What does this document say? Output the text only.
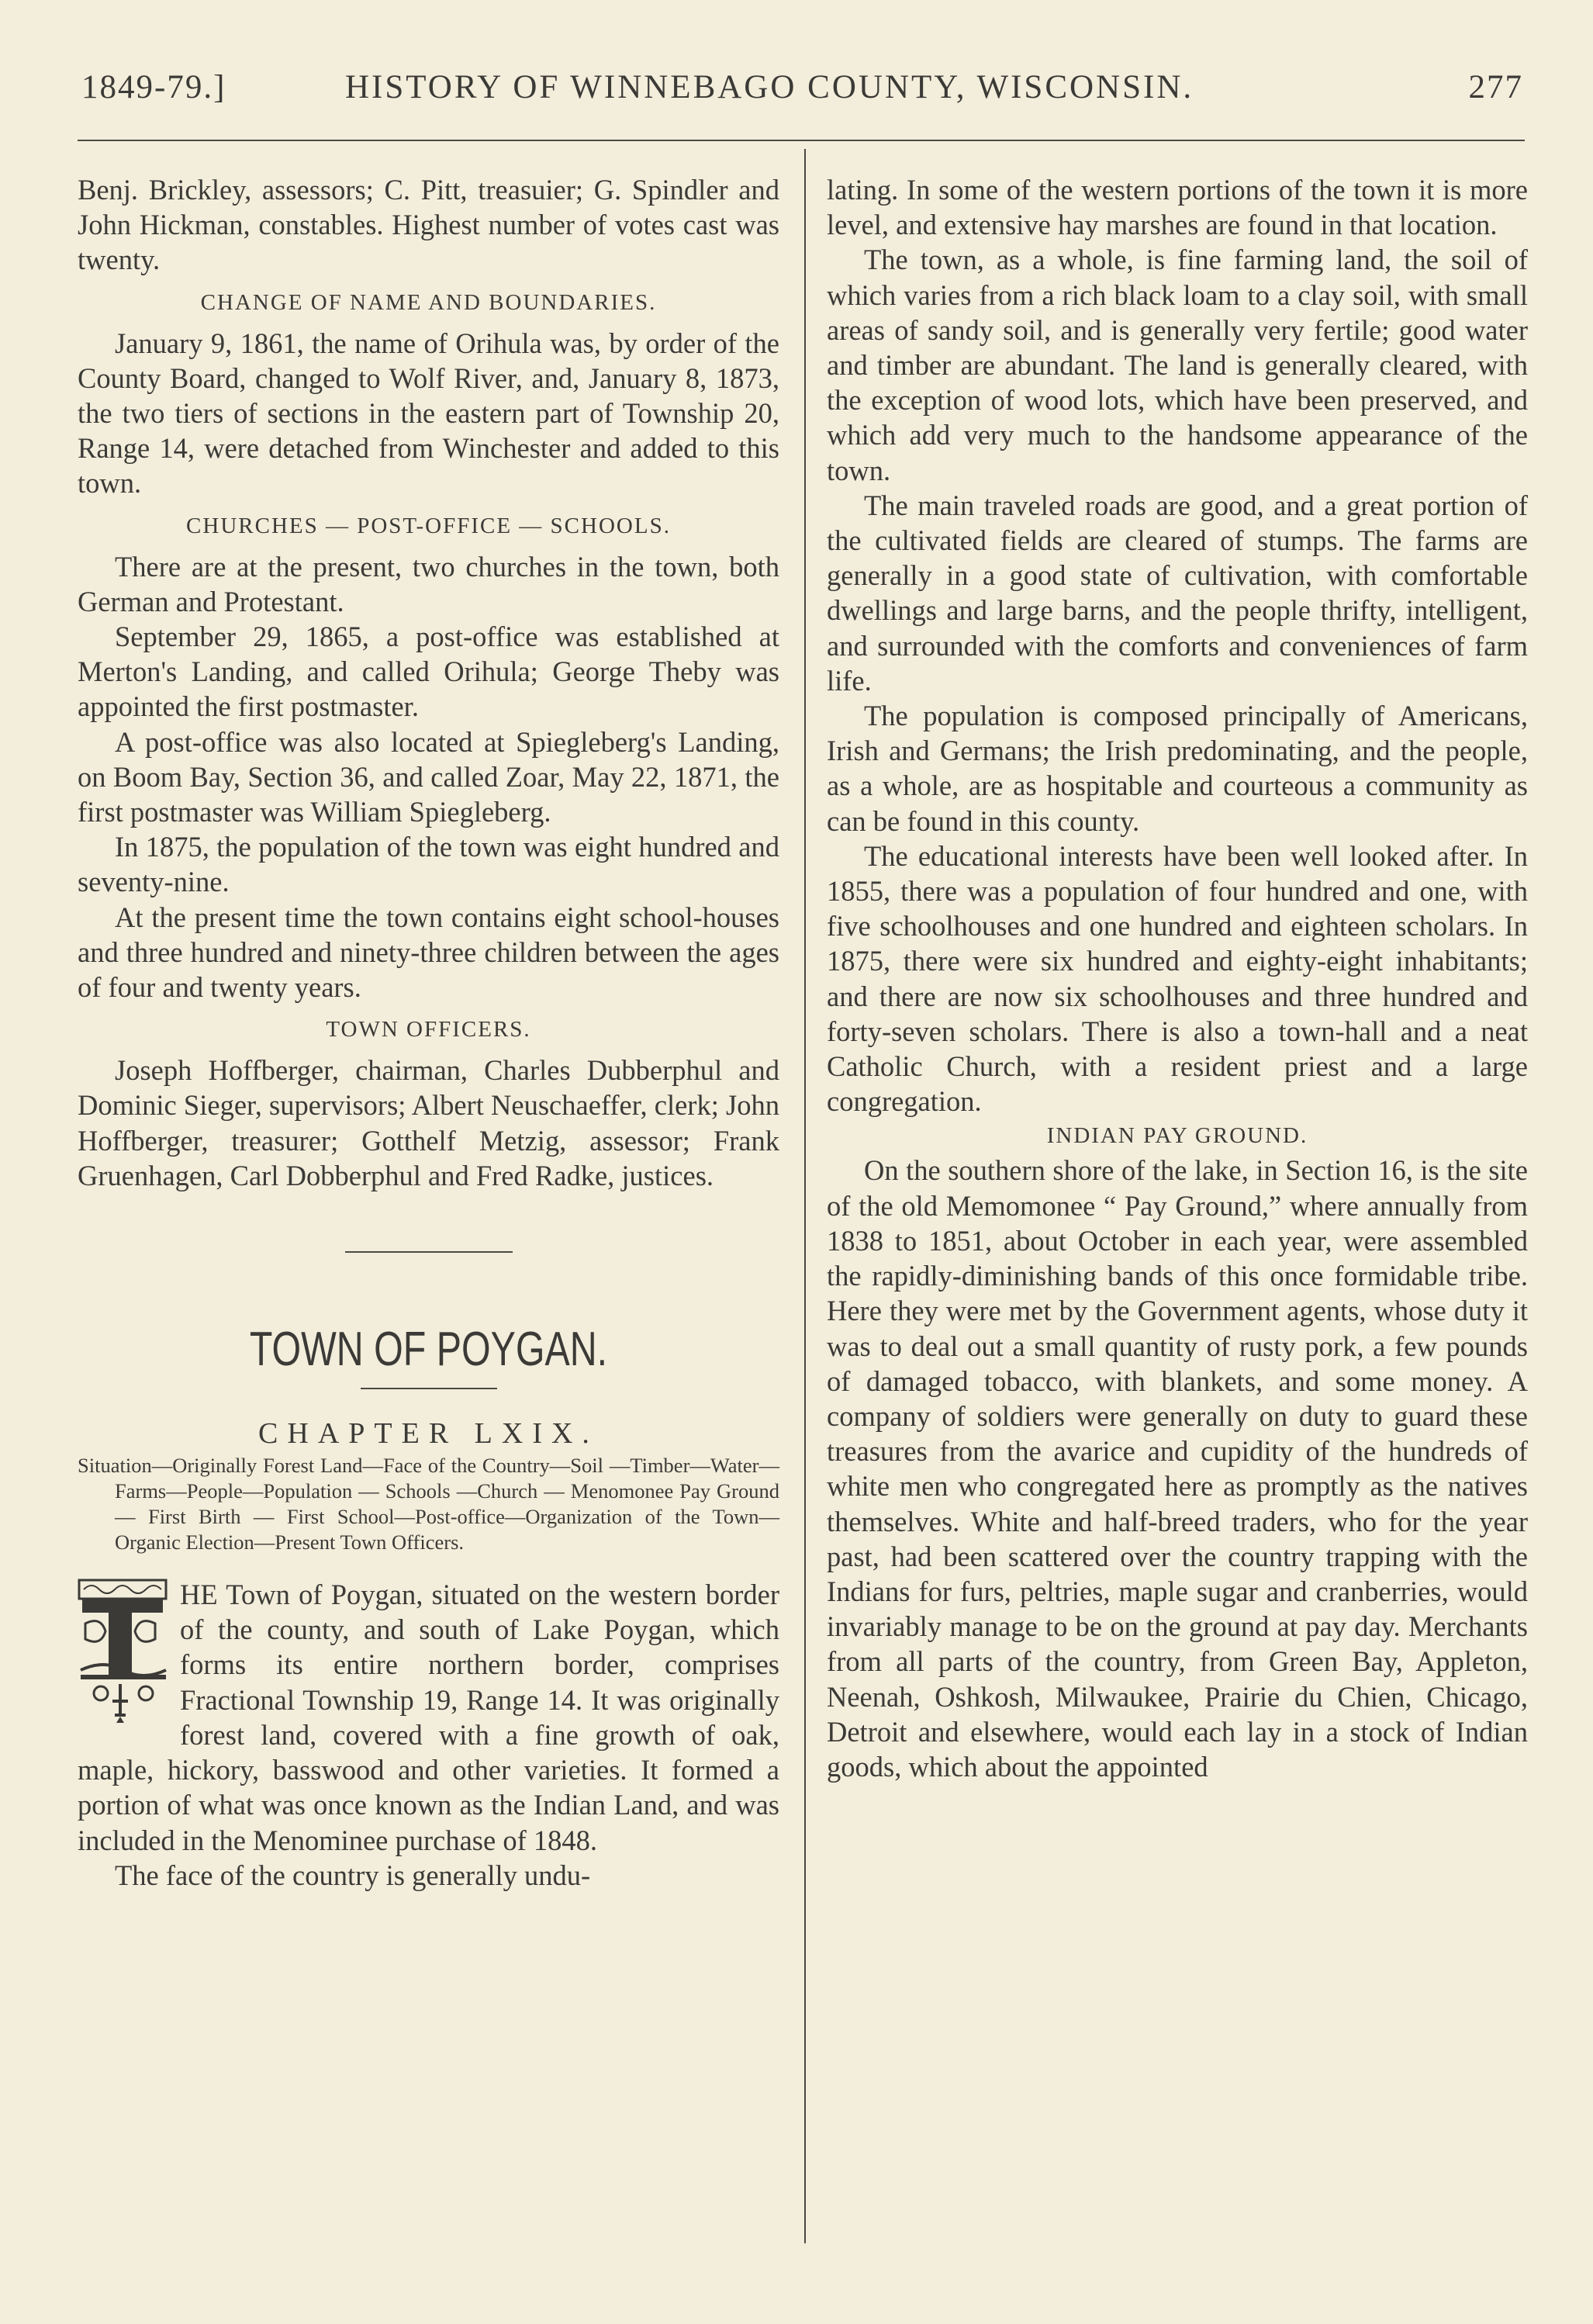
1849-79.]	HISTORY OF WINNEBAGO COUNTY, WISCONSIN.	277

Benj. Brickley, assessors; C. Pitt, treasuier; G. Spindler and John Hickman, constables. Highest number of votes cast was twenty.

CHANGE OF NAME AND BOUNDARIES.

January 9, 1861, the name of Orihula was, by order of the County Board, changed to Wolf River, and, January 8, 1873, the two tiers of sections in the eastern part of Township 20, Range 14, were detached from Winchester and added to this town.

CHURCHES — POST-OFFICE — SCHOOLS.

There are at the present, two churches in the town, both German and Protestant.

September 29, 1865, a post-office was established at Merton's Landing, and called Orihula; George Theby was appointed the first postmaster.

A post-office was also located at Spiegleberg's Landing, on Boom Bay, Section 36, and called Zoar, May 22, 1871, the first postmaster was William Spiegleberg.

In 1875, the population of the town was eight hundred and seventy-nine.

At the present time the town contains eight school-houses and three hundred and ninety-three children between the ages of four and twenty years.

TOWN OFFICERS.

Joseph Hoffberger, chairman, Charles Dubberphul and Dominic Sieger, supervisors; Albert Neuschaeffer, clerk; John Hoffberger, treasurer; Gotthelf Metzig, assessor; Frank Gruenhagen, Carl Dobberphul and Fred Radke, justices.

TOWN OF POYGAN.
CHAPTER LXIX.

Situation—Originally Forest Land—Face of the Country—Soil —Timber—Water—Farms—People—Population — Schools —Church — Menomonee Pay Ground— First Birth — First School—Post-office—Organization of the Town—Organic Election—Present Town Officers.

HE Town of Poygan, situated on the western border of the county, and south of Lake Poygan, which forms its entire northern border, comprises Fractional Township 19, Range 14. It was originally forest land, covered with a fine growth of oak, maple, hickory, basswood and other varieties. It formed a portion of what was once known as the Indian Land, and was included in the Menominee purchase of 1848.

The face of the country is generally undu-

lating. In some of the western portions of the town it is more level, and extensive hay marshes are found in that location.

The town, as a whole, is fine farming land, the soil of which varies from a rich black loam to a clay soil, with small areas of sandy soil, and is generally very fertile; good water and timber are abundant. The land is generally cleared, with the exception of wood lots, which have been preserved, and which add very much to the handsome appearance of the town.

The main traveled roads are good, and a great portion of the cultivated fields are cleared of stumps. The farms are generally in a good state of cultivation, with comfortable dwellings and large barns, and the people thrifty, intelligent, and surrounded with the comforts and conveniences of farm life.

The population is composed principally of Americans, Irish and Germans; the Irish predominating, and the people, as a whole, are as hospitable and courteous a community as can be found in this county.

The educational interests have been well looked after. In 1855, there was a population of four hundred and one, with five schoolhouses and one hundred and eighteen scholars. In 1875, there were six hundred and eighty-eight inhabitants; and there are now six schoolhouses and three hundred and forty-seven scholars. There is also a town-hall and a neat Catholic Church, with a resident priest and a large congregation.

INDIAN PAY GROUND.

On the southern shore of the lake, in Section 16, is the site of the old Memomonee “ Pay Ground,” where annually from 1838 to 1851, about October in each year, were assembled the rapidly-diminishing bands of this once formidable tribe. Here they were met by the Government agents, whose duty it was to deal out a small quantity of rusty pork, a few pounds of damaged tobacco, with blankets, and some money. A company of soldiers were generally on duty to guard these treasures from the avarice and cupidity of the hundreds of white men who congregated here as promptly as the natives themselves. White and half-breed traders, who for the year past, had been scattered over the country trapping with the Indians for furs, peltries, maple sugar and cranberries, would invariably manage to be on the ground at pay day. Merchants from all parts of the country, from Green Bay, Appleton, Neenah, Oshkosh, Milwaukee, Prairie du Chien, Chicago, Detroit and elsewhere, would each lay in a stock of Indian goods, which about the appointed
